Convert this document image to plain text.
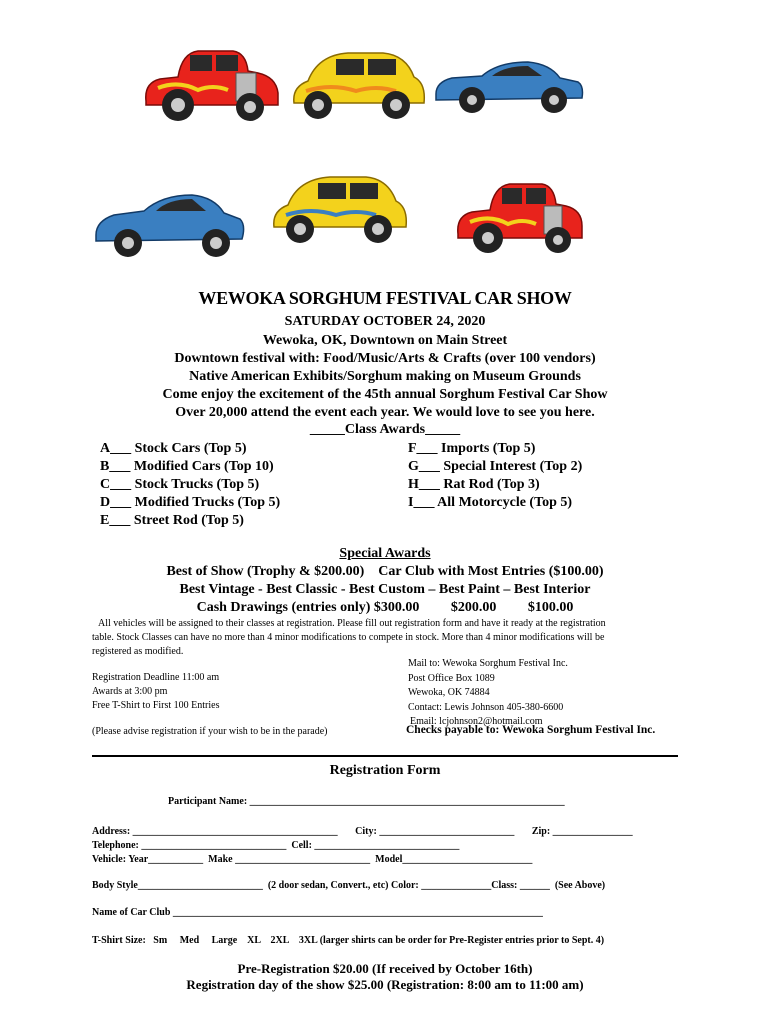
WEWOKA SORGHUM FESTIVAL CAR SHOW
SATURDAY OCTOBER 24, 2020
Wewoka, OK, Downtown on Main Street
Downtown festival with: Food/Music/Arts & Crafts (over 100 vendors)
Native American Exhibits/Sorghum making on Museum Grounds
Come enjoy the excitement of the 45th annual Sorghum Festival Car Show
Over 20,000 attend the event each year. We would love to see you here.
_____Class Awards_____
A___ Stock Cars (Top 5)
B___ Modified Cars (Top 10)
C___ Stock Trucks (Top 5)
D___ Modified Trucks (Top 5)
E___ Street Rod (Top 5)
F___ Imports (Top 5)
G___ Special Interest (Top 2)
H___ Rat Rod (Top 3)
I___ All Motorcycle (Top 5)
Special Awards
Best of Show (Trophy & $200.00)    Car Club with Most Entries ($100.00)
Best Vintage - Best Classic - Best Custom – Best Paint – Best Interior
Cash Drawings (entries only) $300.00         $200.00         $100.00
All vehicles will be assigned to their classes at registration. Please fill out registration form and have it ready at the registration
table. Stock Classes can have no more than 4 minor modifications to compete in stock. More than 4 minor modifications will be
registered as modified.
Registration Deadline 11:00 am
Awards at 3:00 pm
Free T-Shirt to First 100 Entries
(Please advise registration if your wish to be in the parade)
Mail to: Wewoka Sorghum Festival Inc.
Post Office Box 1089
Wewoka, OK 74884
Contact: Lewis Johnson 405-380-6600
Email: lcjohnson2@hotmail.com
Checks payable to: Wewoka Sorghum Festival Inc.
Registration Form
Participant Name: _______________________________________________________________
Address: _________________________________________       City: ___________________________       Zip: ________________
Telephone: _____________________________  Cell: _____________________________
Vehicle: Year___________  Make ___________________________  Model__________________________
Body Style_________________________  (2 door sedan, Convert., etc) Color: ______________Class: ______  (See Above)
Name of Car Club __________________________________________________________________________
T-Shirt Size:   Sm     Med     Large    XL    2XL    3XL (larger shirts can be order for Pre-Register entries prior to Sept. 4)
Pre-Registration $20.00 (If received by October 16th)
Registration day of the show $25.00 (Registration: 8:00 am to 11:00 am)
